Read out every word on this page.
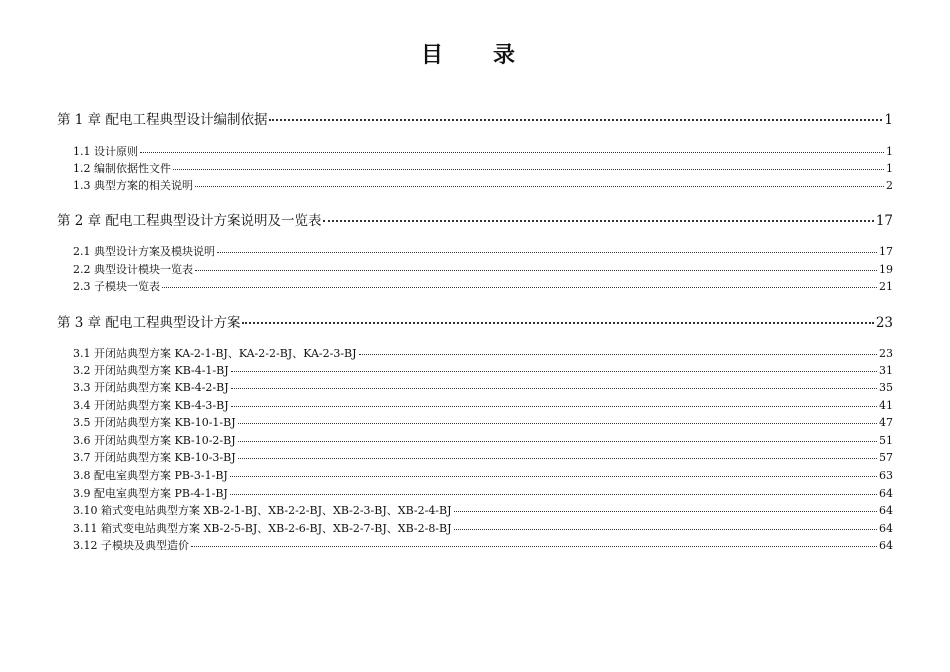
目　录
第 1 章 配电工程典型设计编制依据	1
1.1 设计原则	1
1.2 编制依据性文件	1
1.3 典型方案的相关说明	2
第 2 章 配电工程典型设计方案说明及一览表	17
2.1 典型设计方案及模块说明	17
2.2 典型设计模块一览表	19
2.3 子模块一览表	21
第 3 章 配电工程典型设计方案	23
3.1 开闭站典型方案 KA-2-1-BJ、KA-2-2-BJ、KA-2-3-BJ	23
3.2 开闭站典型方案 KB-4-1-BJ	31
3.3 开闭站典型方案 KB-4-2-BJ	35
3.4 开闭站典型方案 KB-4-3-BJ	41
3.5 开闭站典型方案 KB-10-1-BJ	47
3.6 开闭站典型方案 KB-10-2-BJ	51
3.7 开闭站典型方案 KB-10-3-BJ	57
3.8 配电室典型方案 PB-3-1-BJ	63
3.9 配电室典型方案 PB-4-1-BJ	64
3.10 箱式变电站典型方案 XB-2-1-BJ、XB-2-2-BJ、XB-2-3-BJ、XB-2-4-BJ	64
3.11 箱式变电站典型方案 XB-2-5-BJ、XB-2-6-BJ、XB-2-7-BJ、XB-2-8-BJ	64
3.12 子模块及典型造价	64
